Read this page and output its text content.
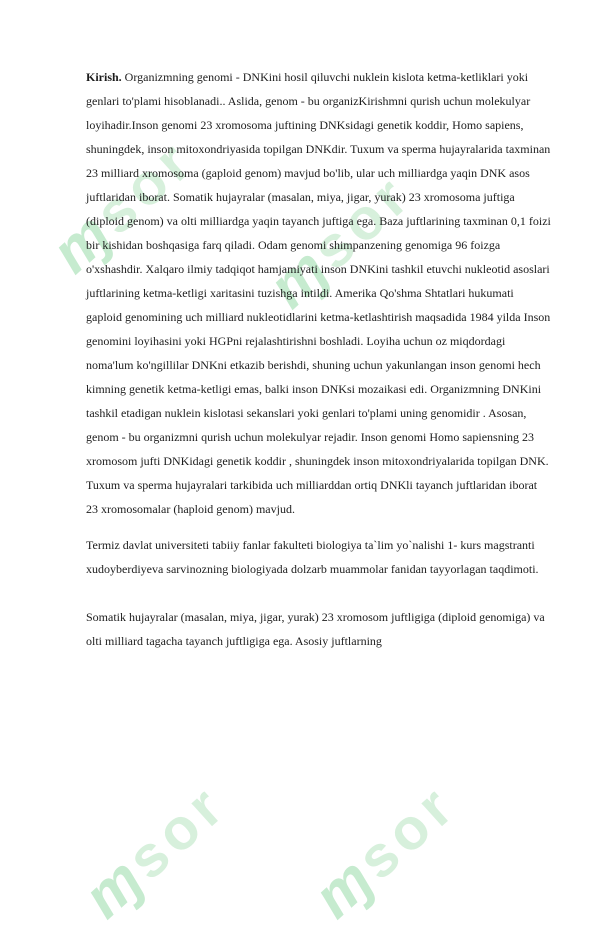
ɱ sor
ɱ sor
ɱ sor ɱ sor

Kirish. Organizmning genomi - DNKini hosil qiluvchi nuklein kislota ketma-ketliklari yoki genlari to'plami hisoblanadi.. Aslida, genom - bu organizKirishmni qurish uchun molekulyar loyihadir.Inson genomi 23 xromosoma juftining DNKsidagi genetik koddir, Homo sapiens, shuningdek, inson mitoxondriyasida topilgan DNKdir. Tuxum va sperma hujayralarida taxminan 23 milliard xromosoma (gaploid genom) mavjud bo'lib, ular uch milliardga yaqin DNK asos juftlaridan iborat. Somatik hujayralar (masalan, miya, jigar, yurak) 23 xromosoma juftiga (diploid genom) va olti milliardga yaqin tayanch juftiga ega. Baza juftlarining taxminan 0,1 foizi bir kishidan boshqasiga farq qiladi. Odam genomi shimpanzening genomiga 96 foizga o'xshashdir. Xalqaro ilmiy tadqiqot hamjamiyati inson DNKini tashkil etuvchi nukleotid asoslari juftlarining ketma-ketligi xaritasini tuzishga intildi. Amerika Qo'shma Shtatlari hukumati gaploid genomining uch milliard nukleotidlarini ketma-ketlashtirish maqsadida 1984 yilda Inson genomini loyihasini yoki HGPni rejalashtirishni boshladi. Loyiha uchun oz miqdordagi noma'lum ko'ngillilar DNKni etkazib berishdi, shuning uchun yakunlangan inson genomi hech kimning genetik ketma-ketligi emas, balki inson DNKsi mozaikasi edi. Organizmning DNKini tashkil etadigan nuklein kislotasi sekanslari yoki genlari to'plami uning genomidir . Asosan, genom - bu organizmni qurish uchun molekulyar rejadir. Inson genomi Homo sapiensning 23 xromosom jufti DNKidagi genetik koddir , shuningdek inson mitoxondriyalarida topilgan DNK. Tuxum va sperma hujayralari tarkibida uch milliarddan ortiq DNKli tayanch juftlaridan iborat 23 xromosomalar (haploid genom) mavjud.

Termiz davlat universiteti tabiiy fanlar fakulteti biologiya ta`lim yo`nalishi 1- kurs magstranti xudoyberdiyeva sarvinozning biologiyada dolzarb muammolar fanidan tayyorlagan taqdimoti.

Somatik hujayralar (masalan, miya, jigar, yurak) 23 xromosom juftligiga (diploid genomiga) va olti milliard tagacha tayanch juftligiga ega. Asosiy juftlarning
